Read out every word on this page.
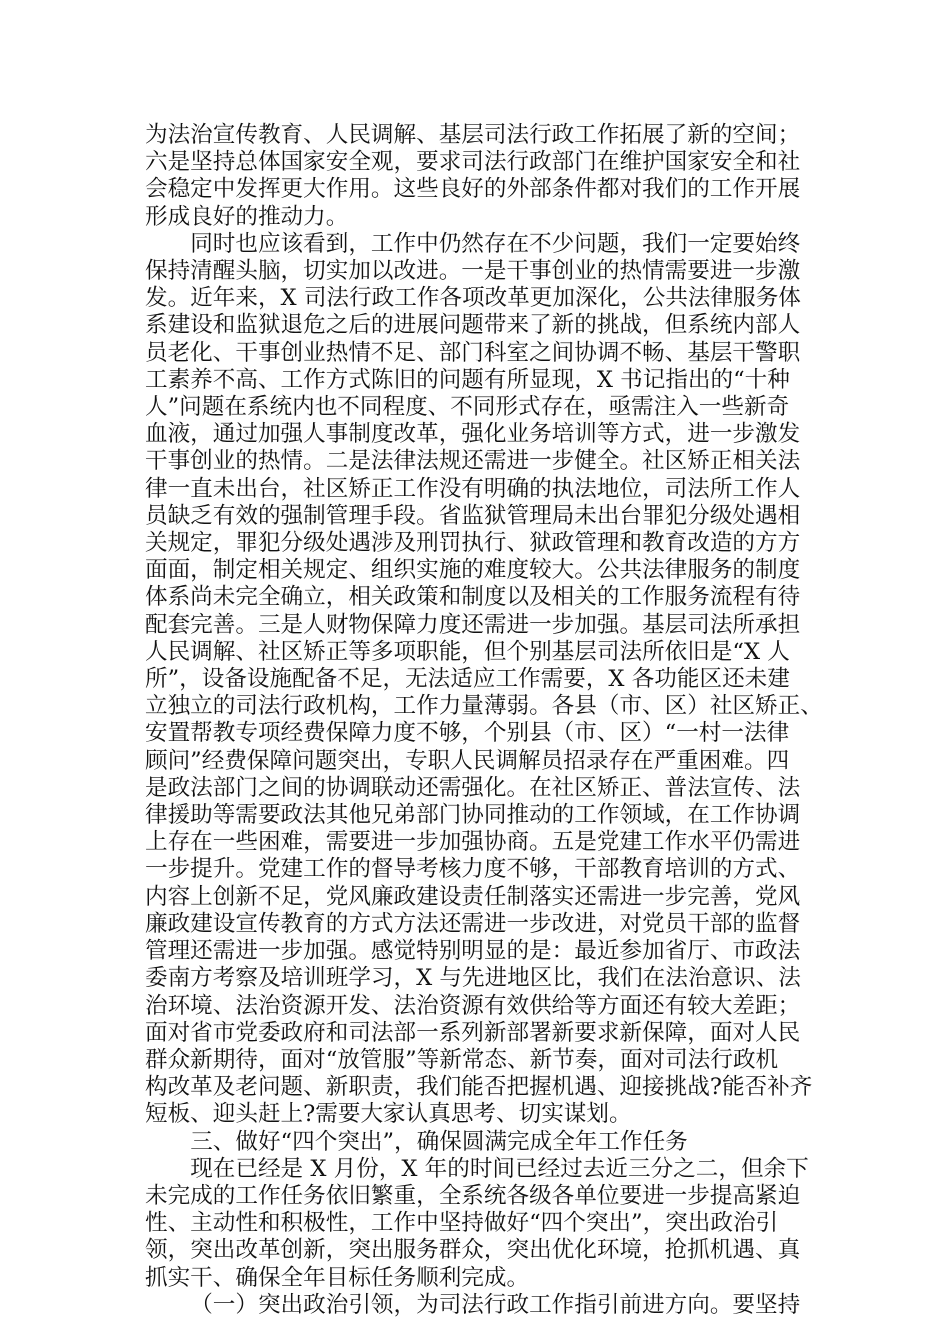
为法治宣传教育、人民调解、基层司法行政工作拓展了新的空间；
六是坚持总体国家安全观，要求司法行政部门在维护国家安全和社
会稳定中发挥更大作用。这些良好的外部条件都对我们的工作开展
形成良好的推动力。
同时也应该看到，工作中仍然存在不少问题，我们一定要始终
保持清醒头脑，切实加以改进。一是干事创业的热情需要进一步激
发。近年来，X 司法行政工作各项改革更加深化，公共法律服务体
系建设和监狱退危之后的进展问题带来了新的挑战，但系统内部人
员老化、干事创业热情不足、部门科室之间协调不畅、基层干警职
工素养不高、工作方式陈旧的问题有所显现，X 书记指出的“十种
人”问题在系统内也不同程度、不同形式存在，亟需注入一些新奇
血液，通过加强人事制度改革，强化业务培训等方式，进一步激发
干事创业的热情。二是法律法规还需进一步健全。社区矫正相关法
律一直未出台，社区矫正工作没有明确的执法地位，司法所工作人
员缺乏有效的强制管理手段。省监狱管理局未出台罪犯分级处遇相
关规定，罪犯分级处遇涉及刑罚执行、狱政管理和教育改造的方方
面面，制定相关规定、组织实施的难度较大。公共法律服务的制度
体系尚未完全确立，相关政策和制度以及相关的工作服务流程有待
配套完善。三是人财物保障力度还需进一步加强。基层司法所承担
人民调解、社区矫正等多项职能，但个别基层司法所依旧是“X 人
所”，设备设施配备不足，无法适应工作需要，X 各功能区还未建
立独立的司法行政机构，工作力量薄弱。各县（市、区）社区矫正、
安置帮教专项经费保障力度不够，个别县（市、区）“一村一法律
顾问”经费保障问题突出，专职人民调解员招录存在严重困难。四
是政法部门之间的协调联动还需强化。在社区矫正、普法宣传、法
律援助等需要政法其他兄弟部门协同推动的工作领域，在工作协调
上存在一些困难，需要进一步加强协商。五是党建工作水平仍需进
一步提升。党建工作的督导考核力度不够，干部教育培训的方式、
内容上创新不足，党风廉政建设责任制落实还需进一步完善，党风
廉政建设宣传教育的方式方法还需进一步改进，对党员干部的监督
管理还需进一步加强。感觉特别明显的是：最近参加省厅、市政法
委南方考察及培训班学习，X 与先进地区比，我们在法治意识、法
治环境、法治资源开发、法治资源有效供给等方面还有较大差距；
面对省市党委政府和司法部一系列新部署新要求新保障，面对人民
群众新期待，面对“放管服”等新常态、新节奏，面对司法行政机
构改革及老问题、新职责，我们能否把握机遇、迎接挑战?能否补齐
短板、迎头赶上?需要大家认真思考、切实谋划。
三、做好“四个突出”，确保圆满完成全年工作任务
现在已经是 X 月份，X 年的时间已经过去近三分之二，但余下
未完成的工作任务依旧繁重，全系统各级各单位要进一步提高紧迫
性、主动性和积极性，工作中坚持做好“四个突出”，突出政治引
领，突出改革创新，突出服务群众，突出优化环境，抢抓机遇、真
抓实干、确保全年目标任务顺利完成。
（一）突出政治引领，为司法行政工作指引前进方向。要坚持
